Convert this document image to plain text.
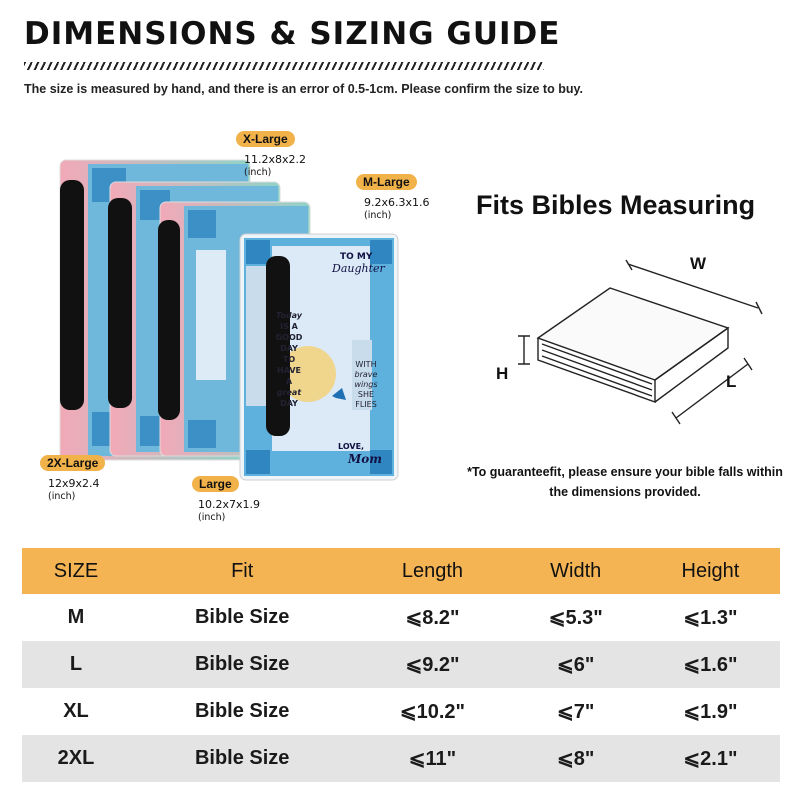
DIMENSIONS & SIZING GUIDE
The size is measured by hand, and there is an error of 0.5-1cm. Please confirm the size to buy.
TO MY
Daughter
Today
IS A
GOOD
DAY
TO
HAVE A
great
DAY
WITH
brave
wings
SHE
FLIES
LOVE,
Mom
X-Large
11.2x8x2.2
(inch)
M-Large
9.2x6.3x1.6
(inch)
2X-Large
12x9x2.4
(inch)
Large
10.2x7x1.9
(inch)
Fits Bibles Measuring
W
H	L
*To guaranteefit, please ensure your bible falls within the dimensions provided.
SIZE	Fit	Length	Width	Height
M	Bible Size	⩽8.2"	⩽5.3"	⩽1.3"
L	Bible Size	⩽9.2"	⩽6"	⩽1.6"
XL	Bible Size	⩽10.2"	⩽7"	⩽1.9"
2XL	Bible Size	⩽11"	⩽8"	⩽2.1"
